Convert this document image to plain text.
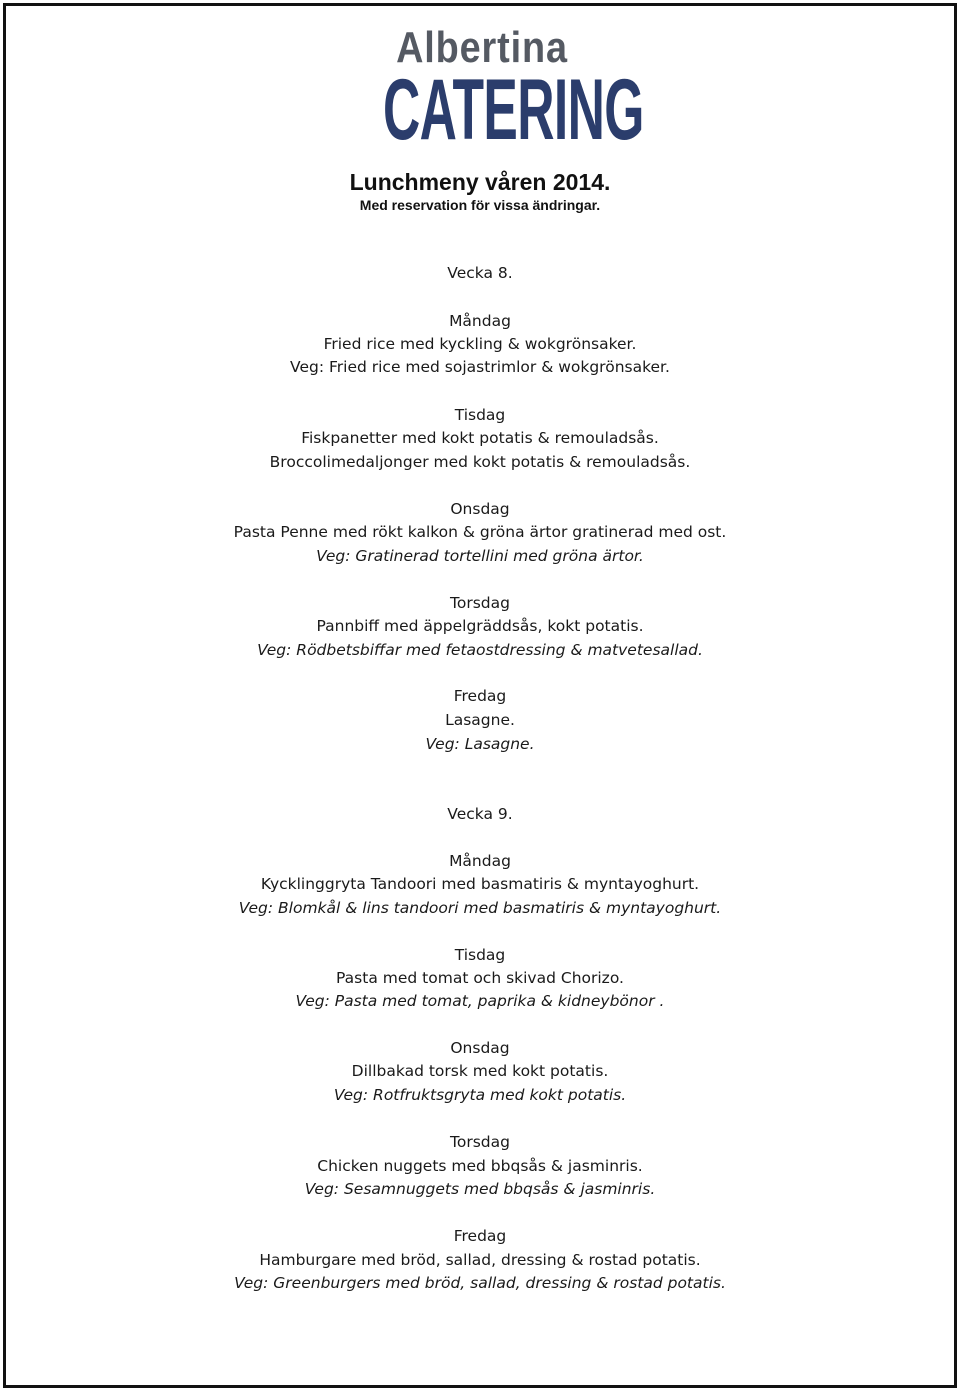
Albertina
CATERING
Lunchmeny våren 2014.
Med reservation för vissa ändringar.
Vecka 8.
Måndag
Fried rice med kyckling & wokgrönsaker.
Veg: Fried rice med sojastrimlor & wokgrönsaker.
Tisdag
Fiskpanetter med kokt potatis & remouladsås.
Broccolimedaljonger med kokt potatis & remouladsås.
Onsdag
Pasta Penne med rökt kalkon & gröna ärtor gratinerad med ost.
Veg: Gratinerad tortellini med gröna ärtor.
Torsdag
Pannbiff med äppelgräddsås, kokt potatis.
Veg: Rödbetsbiffar med fetaostdressing & matvetesallad.
Fredag
Lasagne.
Veg: Lasagne.
Vecka 9.
Måndag
Kycklinggryta Tandoori med basmatiris & myntayoghurt.
Veg: Blomkål & lins tandoori med basmatiris & myntayoghurt.
Tisdag
Pasta med tomat och skivad Chorizo.
Veg: Pasta med tomat, paprika & kidneybönor .
Onsdag
Dillbakad torsk med kokt potatis.
Veg: Rotfruktsgryta med kokt potatis.
Torsdag
Chicken nuggets med bbqsås & jasminris.
Veg: Sesamnuggets med bbqsås & jasminris.
Fredag
Hamburgare med bröd, sallad, dressing & rostad potatis.
Veg: Greenburgers med bröd, sallad, dressing & rostad potatis.
